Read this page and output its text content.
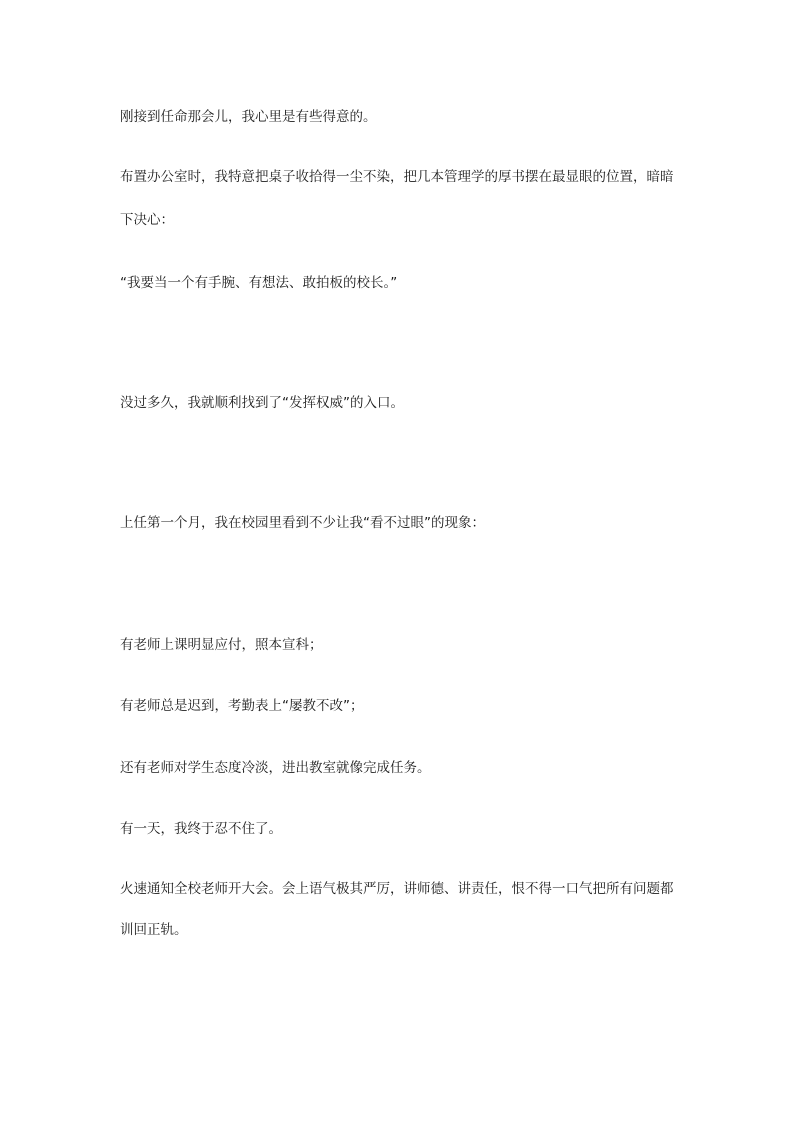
刚接到任命那会儿，我心里是有些得意的。
布置办公室时，我特意把桌子收拾得一尘不染，把几本管理学的厚书摆在最显眼的位置，暗暗
下决心：
“我要当一个有手腕、有想法、敢拍板的校长。”
没过多久，我就顺利找到了“发挥权威”的入口。
上任第一个月，我在校园里看到不少让我“看不过眼”的现象：
有老师上课明显应付，照本宣科；
有老师总是迟到，考勤表上“屡教不改”；
还有老师对学生态度冷淡，进出教室就像完成任务。
有一天，我终于忍不住了。
火速通知全校老师开大会。会上语气极其严厉，讲师德、讲责任，恨不得一口气把所有问题都
训回正轨。
